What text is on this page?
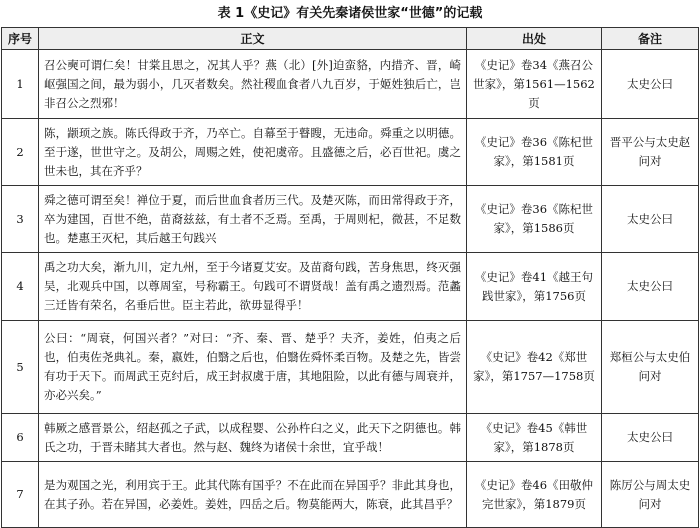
表 1《史记》有关先秦诸侯世家“世德”的记载
序号	正文	出处	备注
1	召公奭可谓仁矣！甘棠且思之，况其人乎？燕（北）[外]迫蛮貉，内措齐、晋，崎岖强国之间，最为弱小，几灭者数矣。然社稷血食者八九百岁，于姬姓独后亡，岂非召公之烈邪！	《史记》卷34《燕召公世家》，第1561—1562页	太史公曰
2	陈，颛顼之族。陈氏得政于齐，乃卒亡。自幕至于瞽瞍，无违命。舜重之以明德。至于遂，世世守之。及胡公，周赐之姓，使祀虞帝。且盛德之后，必百世祀。虞之世未也，其在齐乎？	《史记》卷36《陈杞世家》，第1581页	晋平公与太史赵问对
3	舜之德可谓至矣！禅位于夏，而后世血食者历三代。及楚灭陈，而田常得政于齐，卒为建国，百世不绝，苗裔兹兹，有土者不乏焉。至禹，于周则杞，微甚，不足数也。楚惠王灭杞，其后越王句践兴	《史记》卷36《陈杞世家》，第1586页	太史公曰
4	禹之功大矣，渐九川，定九州，至于今诸夏艾安。及苗裔句践，苦身焦思，终灭强吴，北观兵中国，以尊周室，号称霸王。句践可不谓贤哉！盖有禹之遗烈焉。范蠡三迁皆有荣名，名垂后世。臣主若此，欲毋显得乎！	《史记》卷41《越王句践世家》，第1756页	太史公曰
5	公曰：“周衰，何国兴者？”对曰：“齐、秦、晋、楚乎？夫齐，姜姓，伯夷之后也，伯夷佐尧典礼。秦，嬴姓，伯翳之后也，伯翳佐舜怀柔百物。及楚之先，皆尝有功于天下。而周武王克纣后，成王封叔虞于唐，其地阻险，以此有德与周衰并，亦必兴矣。”	《史记》卷42《郑世家》，第1757—1758页	郑桓公与太史伯问对
6	韩厥之感晋景公，绍赵孤之子武，以成程婴、公孙杵臼之义，此天下之阴德也。韩氏之功，于晋未睹其大者也。然与赵、魏终为诸侯十余世，宜乎哉！	《史记》卷45《韩世家》，第1878页	太史公曰
7	是为观国之光，利用宾于王。此其代陈有国乎？不在此而在异国乎？非此其身也，在其子孙。若在异国，必姜姓。姜姓，四岳之后。物莫能两大，陈衰，此其昌乎？	《史记》卷46《田敬仲完世家》，第1879页	陈厉公与周太史问对
